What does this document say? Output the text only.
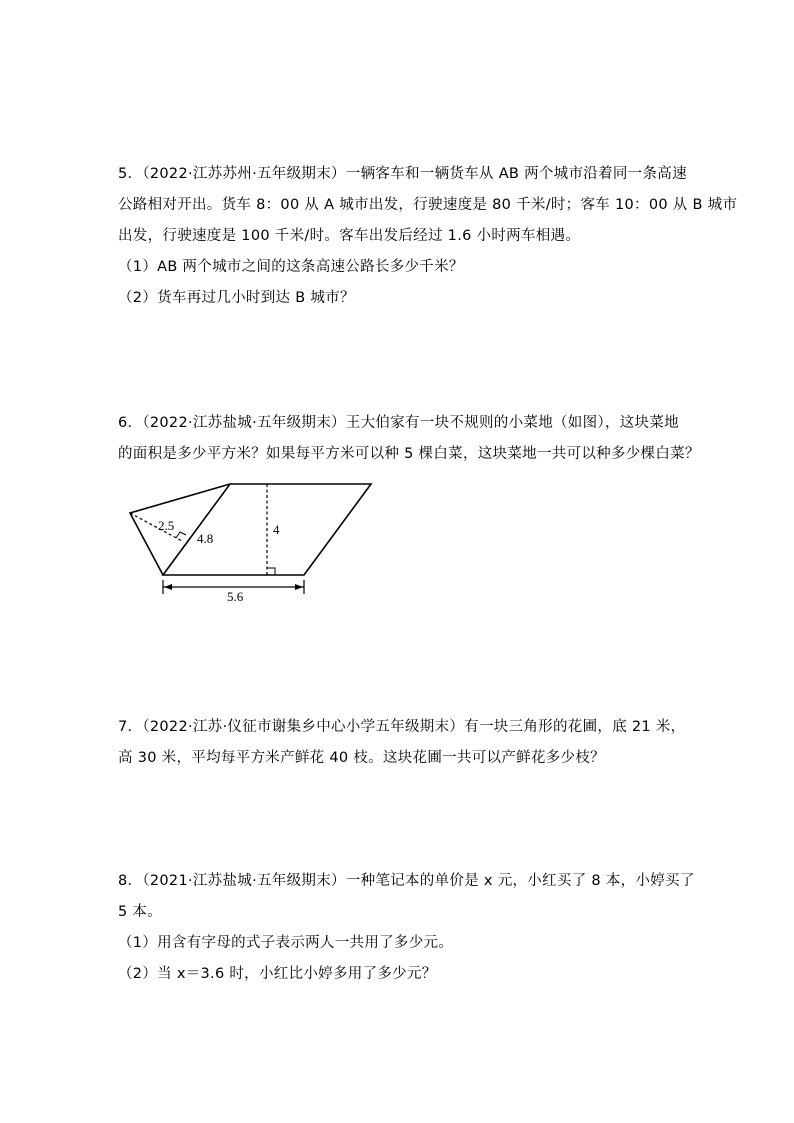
5．（2022·江苏苏州·五年级期末）一辆客车和一辆货车从 AB 两个城市沿着同一条高速
公路相对开出。货车 8：00 从 A 城市出发，行驶速度是 80 千米/时；客车 10：00 从 B 城市
出发，行驶速度是 100 千米/时。客车出发后经过 1.6 小时两车相遇。
（1）AB 两个城市之间的这条高速公路长多少千米？
（2）货车再过几小时到达 B 城市？
6．（2022·江苏盐城·五年级期末）王大伯家有一块不规则的小菜地（如图），这块菜地
的面积是多少平方米？如果每平方米可以种 5 棵白菜，这块菜地一共可以种多少棵白菜？
2.5
4.8
4
5.6
7．（2022·江苏·仪征市谢集乡中心小学五年级期末）有一块三角形的花圃，底 21 米，
高 30 米，平均每平方米产鲜花 40 枝。这块花圃一共可以产鲜花多少枝？
8．（2021·江苏盐城·五年级期末）一种笔记本的单价是 x 元，小红买了 8 本，小婷买了
5 本。
（1）用含有字母的式子表示两人一共用了多少元。
（2）当 x＝3.6 时，小红比小婷多用了多少元？
